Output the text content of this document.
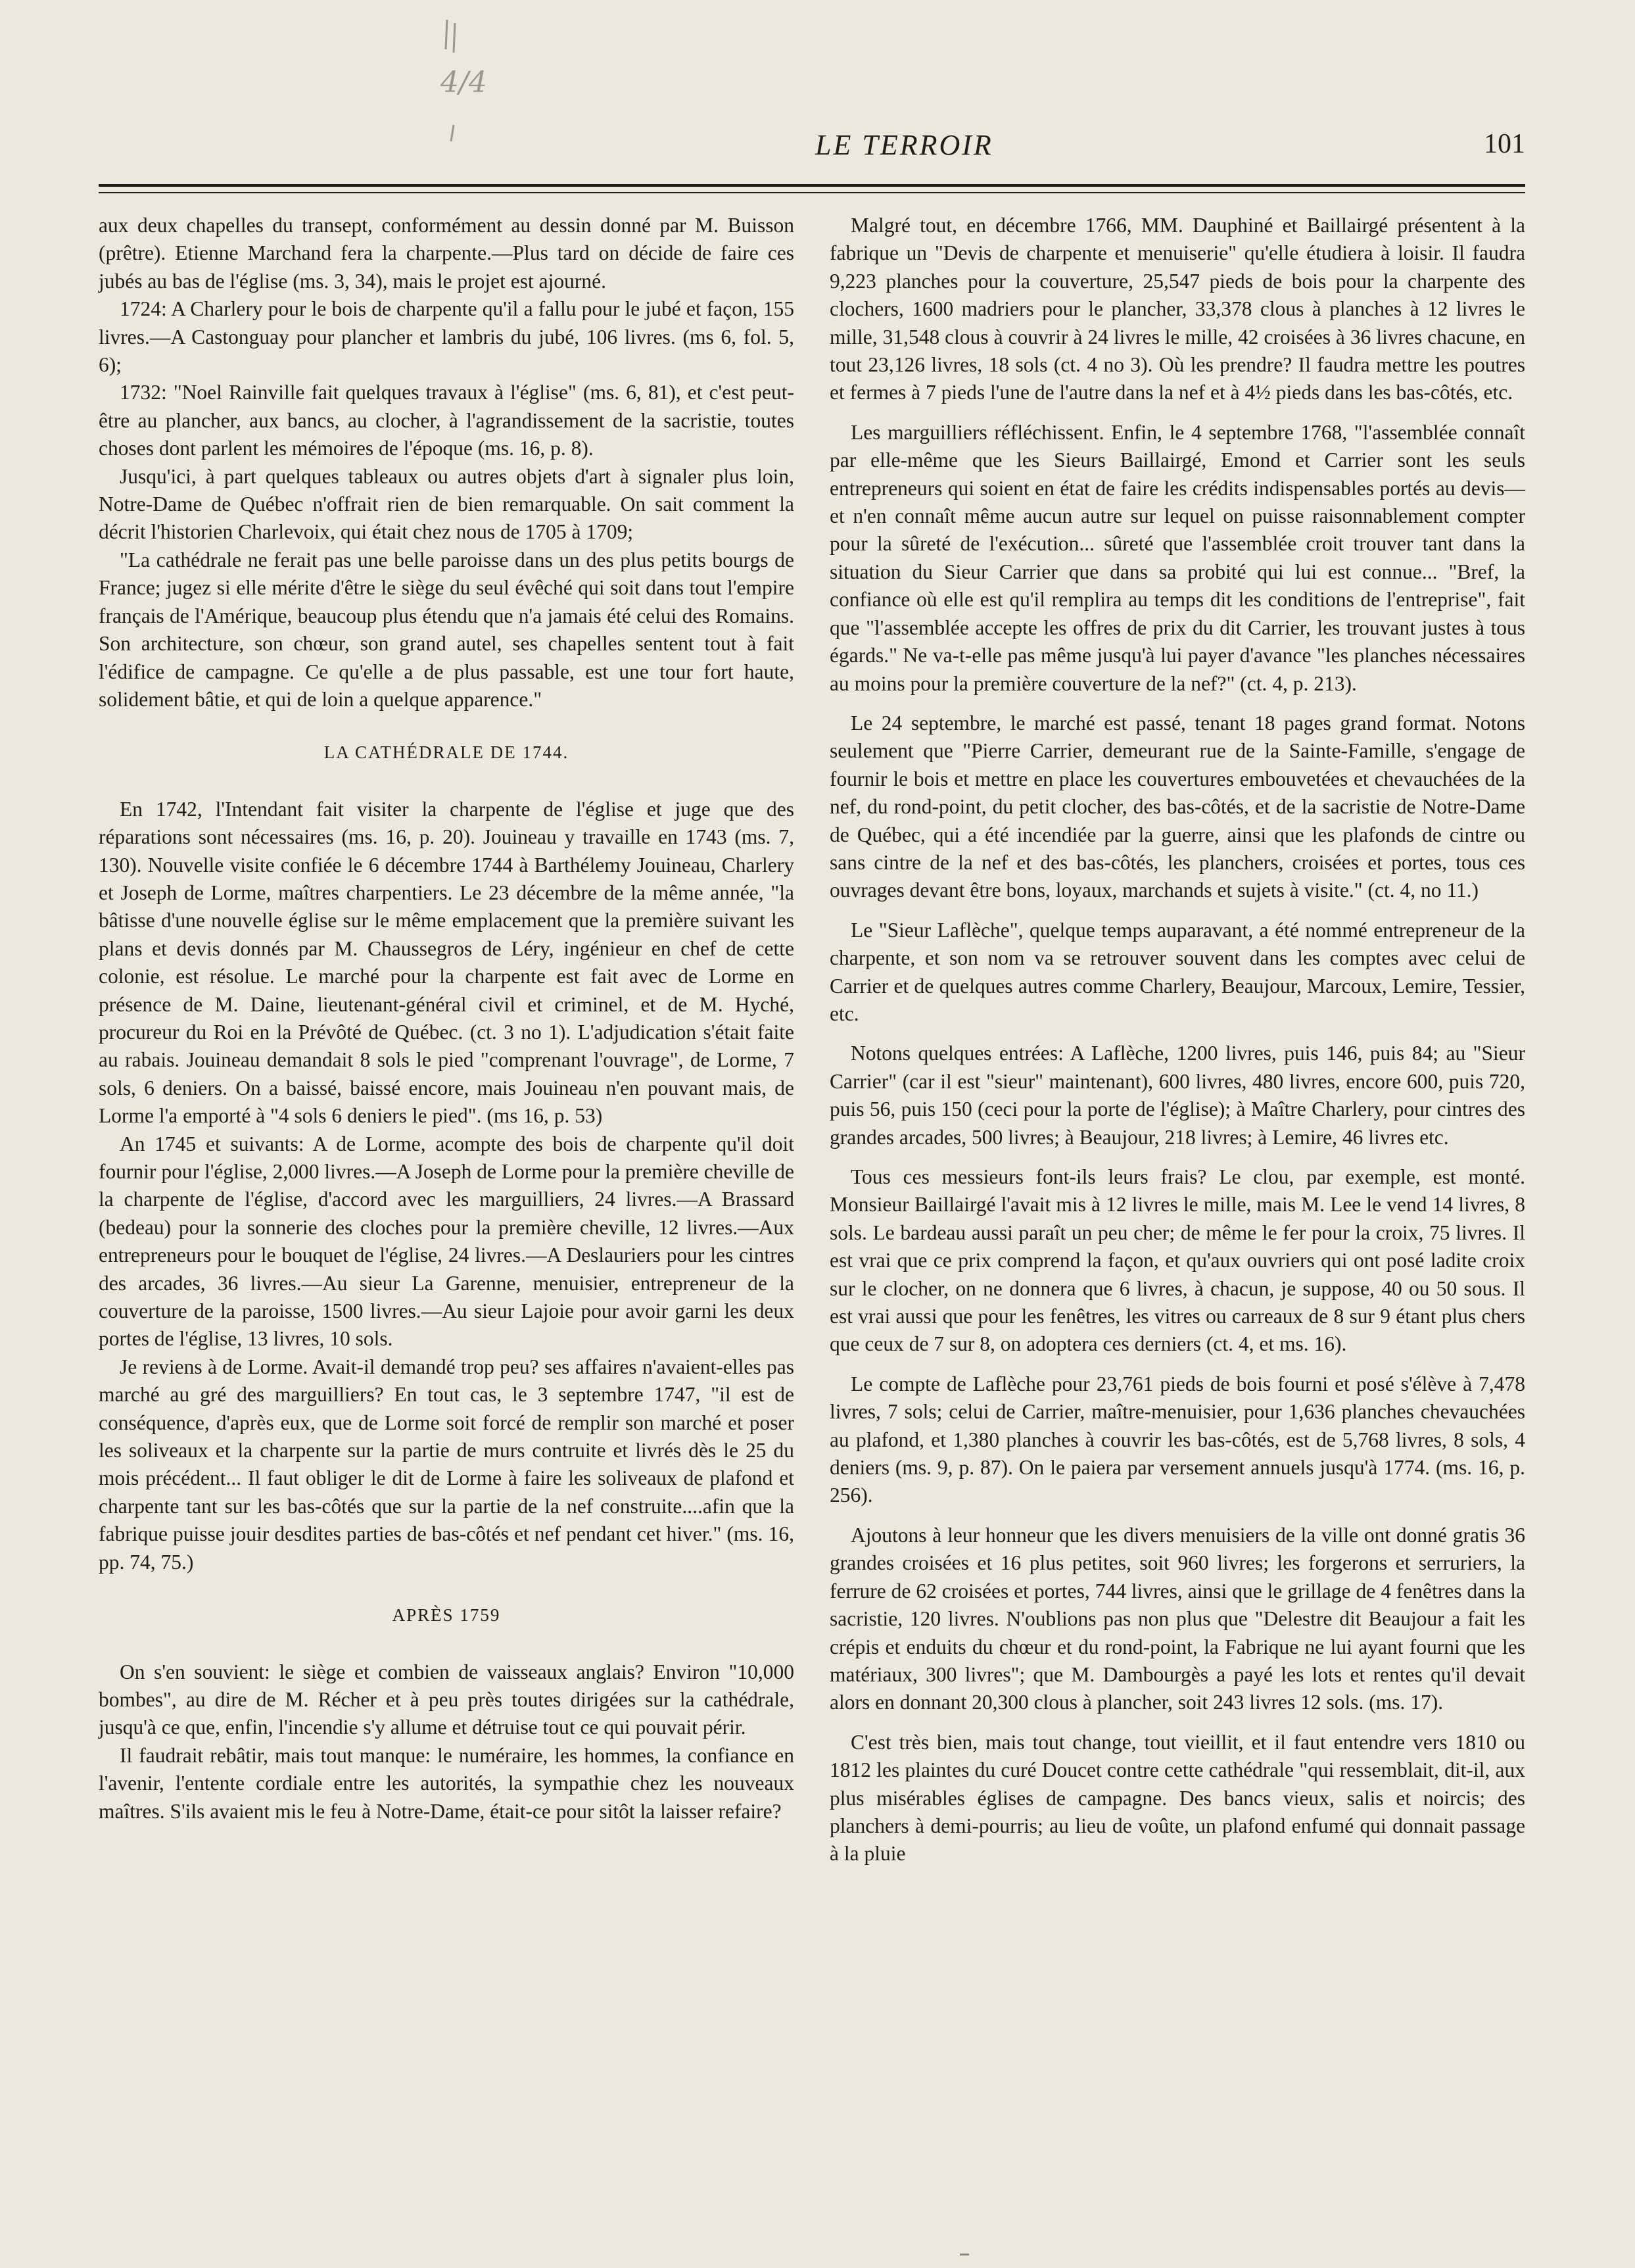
4/4
LE TERROIR	101

aux deux chapelles du transept, conformément au dessin donné par M. Buisson (prêtre). Etienne Marchand fera la charpente.—Plus tard on décide de faire ces jubés au bas de l'église (ms. 3, 34), mais le projet est ajourné.

1724: A Charlery pour le bois de charpente qu'il a fallu pour le jubé et façon, 155 livres.—A Castonguay pour plancher et lambris du jubé, 106 livres. (ms 6, fol. 5, 6);

1732: "Noel Rainville fait quelques travaux à l'église" (ms. 6, 81), et c'est peut-être au plancher, aux bancs, au clocher, à l'agrandissement de la sacristie, toutes choses dont parlent les mémoires de l'époque (ms. 16, p. 8).

Jusqu'ici, à part quelques tableaux ou autres objets d'art à signaler plus loin, Notre-Dame de Québec n'offrait rien de bien remarquable. On sait comment la décrit l'historien Charlevoix, qui était chez nous de 1705 à 1709;

"La cathédrale ne ferait pas une belle paroisse dans un des plus petits bourgs de France; jugez si elle mérite d'être le siège du seul évêché qui soit dans tout l'empire français de l'Amérique, beaucoup plus étendu que n'a jamais été celui des Romains. Son architecture, son chœur, son grand autel, ses chapelles sentent tout à fait l'édifice de campagne. Ce qu'elle a de plus passable, est une tour fort haute, solidement bâtie, et qui de loin a quelque apparence."

LA CATHÉDRALE DE 1744.

En 1742, l'Intendant fait visiter la charpente de l'église et juge que des réparations sont nécessaires (ms. 16, p. 20). Jouineau y travaille en 1743 (ms. 7, 130). Nouvelle visite confiée le 6 décembre 1744 à Barthélemy Jouineau, Charlery et Joseph de Lorme, maîtres charpentiers. Le 23 décembre de la même année, "la bâtisse d'une nouvelle église sur le même emplacement que la première suivant les plans et devis donnés par M. Chaussegros de Léry, ingénieur en chef de cette colonie, est résolue. Le marché pour la charpente est fait avec de Lorme en présence de M. Daine, lieutenant-général civil et criminel, et de M. Hyché, procureur du Roi en la Prévôté de Québec. (ct. 3 no 1). L'adjudication s'était faite au rabais. Jouineau demandait 8 sols le pied "comprenant l'ouvrage", de Lorme, 7 sols, 6 deniers. On a baissé, baissé encore, mais Jouineau n'en pouvant mais, de Lorme l'a emporté à "4 sols 6 deniers le pied". (ms 16, p. 53)

An 1745 et suivants: A de Lorme, acompte des bois de charpente qu'il doit fournir pour l'église, 2,000 livres.—A Joseph de Lorme pour la première cheville de la charpente de l'église, d'accord avec les marguilliers, 24 livres.—A Brassard (bedeau) pour la sonnerie des cloches pour la première cheville, 12 livres.—Aux entrepreneurs pour le bouquet de l'église, 24 livres.—A Deslauriers pour les cintres des arcades, 36 livres.—Au sieur La Garenne, menuisier, entrepreneur de la couverture de la paroisse, 1500 livres.—Au sieur Lajoie pour avoir garni les deux portes de l'église, 13 livres, 10 sols.

Je reviens à de Lorme. Avait-il demandé trop peu? ses affaires n'avaient-elles pas marché au gré des marguilliers? En tout cas, le 3 septembre 1747, "il est de conséquence, d'après eux, que de Lorme soit forcé de remplir son marché et poser les soliveaux et la charpente sur la partie de murs contruite et livrés dès le 25 du mois précédent... Il faut obliger le dit de Lorme à faire les soliveaux de plafond et charpente tant sur les bas-côtés que sur la partie de la nef construite....afin que la fabrique puisse jouir desdites parties de bas-côtés et nef pendant cet hiver." (ms. 16, pp. 74, 75.)

APRÈS 1759

On s'en souvient: le siège et combien de vaisseaux anglais? Environ "10,000 bombes", au dire de M. Récher et à peu près toutes dirigées sur la cathédrale, jusqu'à ce que, enfin, l'incendie s'y allume et détruise tout ce qui pouvait périr.

Il faudrait rebâtir, mais tout manque: le numéraire, les hommes, la confiance en l'avenir, l'entente cordiale entre les autorités, la sympathie chez les nouveaux maîtres. S'ils avaient mis le feu à Notre-Dame, était-ce pour sitôt la laisser refaire?

Malgré tout, en décembre 1766, MM. Dauphiné et Baillairgé présentent à la fabrique un "Devis de charpente et menuiserie" qu'elle étudiera à loisir. Il faudra 9,223 planches pour la couverture, 25,547 pieds de bois pour la charpente des clochers, 1600 madriers pour le plancher, 33,378 clous à planches à 12 livres le mille, 31,548 clous à couvrir à 24 livres le mille, 42 croisées à 36 livres chacune, en tout 23,126 livres, 18 sols (ct. 4 no 3). Où les prendre? Il faudra mettre les poutres et fermes à 7 pieds l'une de l'autre dans la nef et à 4½ pieds dans les bas-côtés, etc.

Les marguilliers réfléchissent. Enfin, le 4 septembre 1768, "l'assemblée connaît par elle-même que les Sieurs Baillairgé, Emond et Carrier sont les seuls entrepreneurs qui soient en état de faire les crédits indispensables portés au devis—et n'en connaît même aucun autre sur lequel on puisse raisonnablement compter pour la sûreté de l'exécution... sûreté que l'assemblée croit trouver tant dans la situation du Sieur Carrier que dans sa probité qui lui est connue... "Bref, la confiance où elle est qu'il remplira au temps dit les conditions de l'entreprise", fait que "l'assemblée accepte les offres de prix du dit Carrier, les trouvant justes à tous égards." Ne va-t-elle pas même jusqu'à lui payer d'avance "les planches nécessaires au moins pour la première couverture de la nef?" (ct. 4, p. 213).

Le 24 septembre, le marché est passé, tenant 18 pages grand format. Notons seulement que "Pierre Carrier, demeurant rue de la Sainte-Famille, s'engage de fournir le bois et mettre en place les couvertures embouvetées et chevauchées de la nef, du rond-point, du petit clocher, des bas-côtés, et de la sacristie de Notre-Dame de Québec, qui a été incendiée par la guerre, ainsi que les plafonds de cintre ou sans cintre de la nef et des bas-côtés, les planchers, croisées et portes, tous ces ouvrages devant être bons, loyaux, marchands et sujets à visite." (ct. 4, no 11.)

Le "Sieur Laflèche", quelque temps auparavant, a été nommé entrepreneur de la charpente, et son nom va se retrouver souvent dans les comptes avec celui de Carrier et de quelques autres comme Charlery, Beaujour, Marcoux, Lemire, Tessier, etc.

Notons quelques entrées: A Laflèche, 1200 livres, puis 146, puis 84; au "Sieur Carrier" (car il est "sieur" maintenant), 600 livres, 480 livres, encore 600, puis 720, puis 56, puis 150 (ceci pour la porte de l'église); à Maître Charlery, pour cintres des grandes arcades, 500 livres; à Beaujour, 218 livres; à Lemire, 46 livres etc.

Tous ces messieurs font-ils leurs frais? Le clou, par exemple, est monté. Monsieur Baillairgé l'avait mis à 12 livres le mille, mais M. Lee le vend 14 livres, 8 sols. Le bardeau aussi paraît un peu cher; de même le fer pour la croix, 75 livres. Il est vrai que ce prix comprend la façon, et qu'aux ouvriers qui ont posé ladite croix sur le clocher, on ne donnera que 6 livres, à chacun, je suppose, 40 ou 50 sous. Il est vrai aussi que pour les fenêtres, les vitres ou carreaux de 8 sur 9 étant plus chers que ceux de 7 sur 8, on adoptera ces derniers (ct. 4, et ms. 16).

Le compte de Laflèche pour 23,761 pieds de bois fourni et posé s'élève à 7,478 livres, 7 sols; celui de Carrier, maître-menuisier, pour 1,636 planches chevauchées au plafond, et 1,380 planches à couvrir les bas-côtés, est de 5,768 livres, 8 sols, 4 deniers (ms. 9, p. 87). On le paiera par versement annuels jusqu'à 1774. (ms. 16, p. 256).

Ajoutons à leur honneur que les divers menuisiers de la ville ont donné gratis 36 grandes croisées et 16 plus petites, soit 960 livres; les forgerons et serruriers, la ferrure de 62 croisées et portes, 744 livres, ainsi que le grillage de 4 fenêtres dans la sacristie, 120 livres. N'oublions pas non plus que "Delestre dit Beaujour a fait les crépis et enduits du chœur et du rond-point, la Fabrique ne lui ayant fourni que les matériaux, 300 livres"; que M. Dambourgès a payé les lots et rentes qu'il devait alors en donnant 20,300 clous à plancher, soit 243 livres 12 sols. (ms. 17).

C'est très bien, mais tout change, tout vieillit, et il faut entendre vers 1810 ou 1812 les plaintes du curé Doucet contre cette cathédrale "qui ressemblait, dit-il, aux plus misérables églises de campagne. Des bancs vieux, salis et noircis; des planchers à demi-pourris; au lieu de voûte, un plafond enfumé qui donnait passage à la pluie
